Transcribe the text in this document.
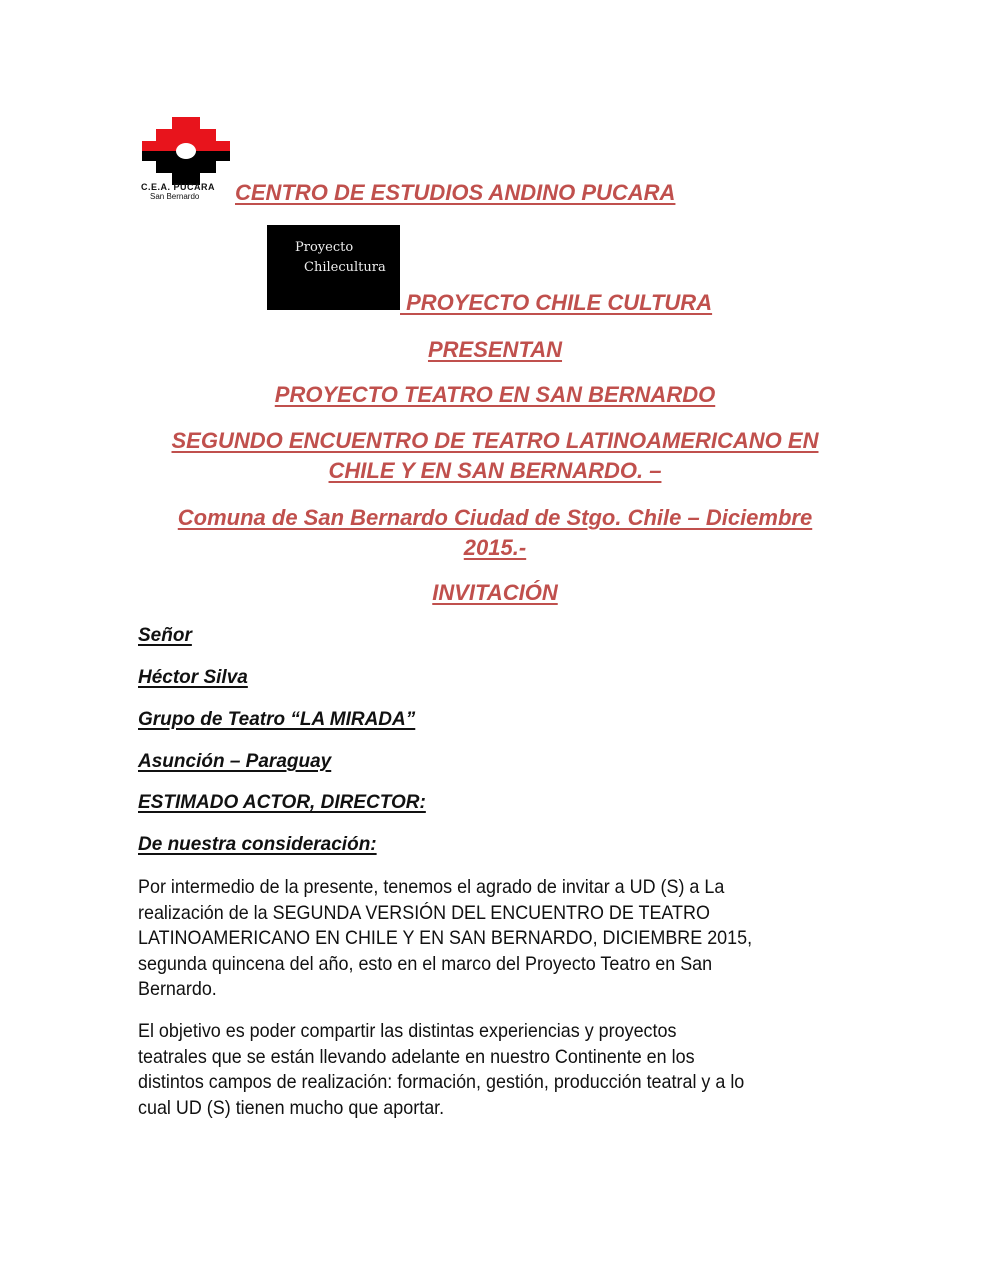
C.E.A. PUCARA
San Bernardo CENTRO DE ESTUDIOS ANDINO PUCARA
Proyecto
Chilecultura
PROYECTO CHILE CULTURA
PRESENTAN
PROYECTO TEATRO EN SAN BERNARDO
SEGUNDO ENCUENTRO DE TEATRO LATINOAMERICANO EN
CHILE Y EN SAN BERNARDO. –
Comuna de San Bernardo Ciudad de Stgo. Chile – Diciembre
2015.-
INVITACIÓN
Señor
Héctor Silva
Grupo de Teatro “LA MIRADA”
Asunción – Paraguay
ESTIMADO ACTOR, DIRECTOR:
De nuestra consideración:
Por intermedio de la presente, tenemos el agrado de invitar a UD (S) a La
realización de la SEGUNDA VERSIÓN DEL ENCUENTRO DE TEATRO
LATINOAMERICANO EN CHILE Y EN SAN BERNARDO, DICIEMBRE 2015,
segunda quincena del año, esto en el marco del Proyecto Teatro en San
Bernardo.
El objetivo es poder compartir las distintas experiencias y proyectos
teatrales que se están llevando adelante en nuestro Continente en los
distintos campos de realización: formación, gestión, producción teatral y a lo
cual UD (S) tienen mucho que aportar.
